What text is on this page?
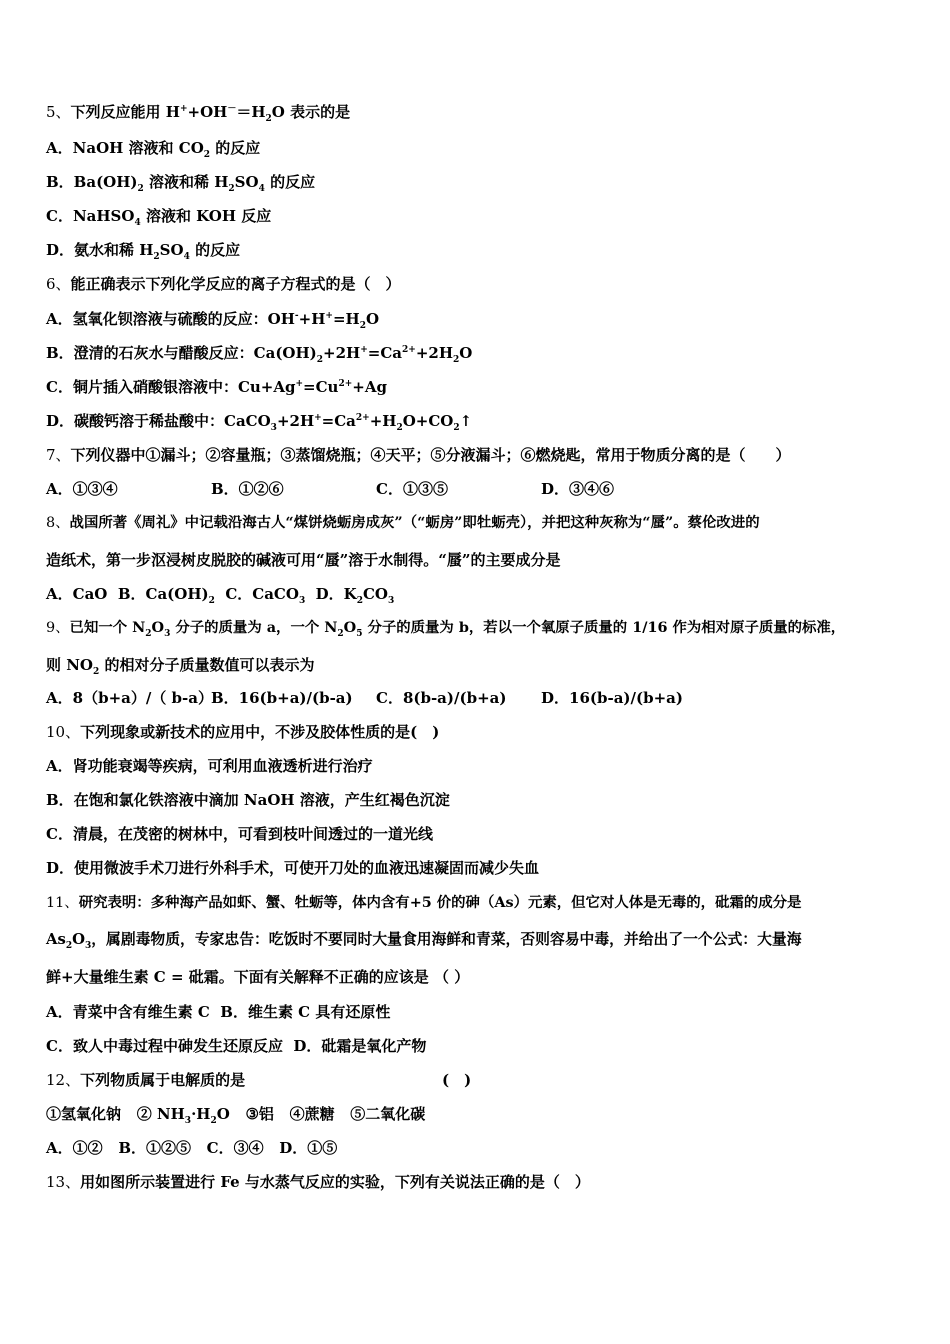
5、下列反应能用 $H^++OH^-=H_2O$ 表示的是
A．NaOH 溶液和 $CO_2$ 的反应
B．$Ba(OH)_2$ 溶液和稀 $H_2SO_4$ 的反应
C．NaHSO$_4$ 溶液和 KOH 反应
D．氨水和稀 $H_2SO_4$ 的反应
6、能正确表示下列化学反应的离子方程式的是（　）
A．氢氧化钡溶液与硫酸的反应：$OH^-+H^+=H_2O$
B．澄清的石灰水与醋酸反应：$Ca(OH)_2+2H^+=Ca^{2+}+2H_2O$
C．铜片插入硝酸银溶液中：$Cu+Ag^+=Cu^{2+}+Ag$
D．碳酸钙溶于稀盐酸中：$CaCO_3+2H^+=Ca^{2+}+H_2O+CO_2↑$
7、下列仪器中①漏斗；②容量瓶；③蒸馏烧瓶；④天平；⑤分液漏斗；⑥燃烧匙，常用于物质分离的是（　　）
A．①③④	B．①②⑥	C．①③⑤	D．③④⑥
8、战国所著《周礼》中记载沿海古人“煤饼烧蛎房成灰”（“蛎房”即牡蛎壳），并把这种灰称为“蜃”。蔡伦改进的
造纸术，第一步沤浸树皮脱胶的碱液可用“蜃”溶于水制得。“蜃”的主要成分是
A．CaO B．$Ca(OH)_2$ C．CaCO$_3$ D．$K_2CO_3$
9、已知一个 $N_2O_3$ 分子的质量为 a，一个 $N_2O_5$ 分子的质量为 b，若以一个氧原子质量的 1/16 作为相对原子质量的标准，
则 $NO_2$ 的相对分子质量数值可以表示为
A．8（b+a）/（ b-a）B．16(b+a)/(b-a) C．8(b-a)/(b+a) D．16(b-a)/(b+a)
10、下列现象或新技术的应用中，不涉及胶体性质的是(　)
A．肾功能衰竭等疾病，可利用血液透析进行治疗
B．在饱和氯化铁溶液中滴加 NaOH 溶液，产生红褐色沉淀
C．清晨，在茂密的树林中，可看到枝叶间透过的一道光线
D．使用微波手术刀进行外科手术，可使开刀处的血液迅速凝固而减少失血
11、研究表明：多种海产品如虾、蟹、牡蛎等，体内含有+5 价的砷（As）元素，但它对人体是无毒的，砒霜的成分是
$As_2O_3$，属剧毒物质，专家忠告：吃饭时不要同时大量食用海鲜和青菜，否则容易中毒，并给出了一个公式：大量海
鲜+大量维生素 C = 砒霜。下面有关解释不正确的应该是 （ ）
A．青菜中含有维生素 C B．维生素 C 具有还原性
C．致人中毒过程中砷发生还原反应 D．砒霜是氧化产物
12、下列物质属于电解质的是	(　)
①氢氧化钠 ② $NH_3\cdot H_2O$ ③铝 ④蔗糖 ⑤二氧化碳
A．①② B．①②⑤ C．③④ D．①⑤
13、用如图所示装置进行 Fe 与水蒸气反应的实验，下列有关说法正确的是（　）
